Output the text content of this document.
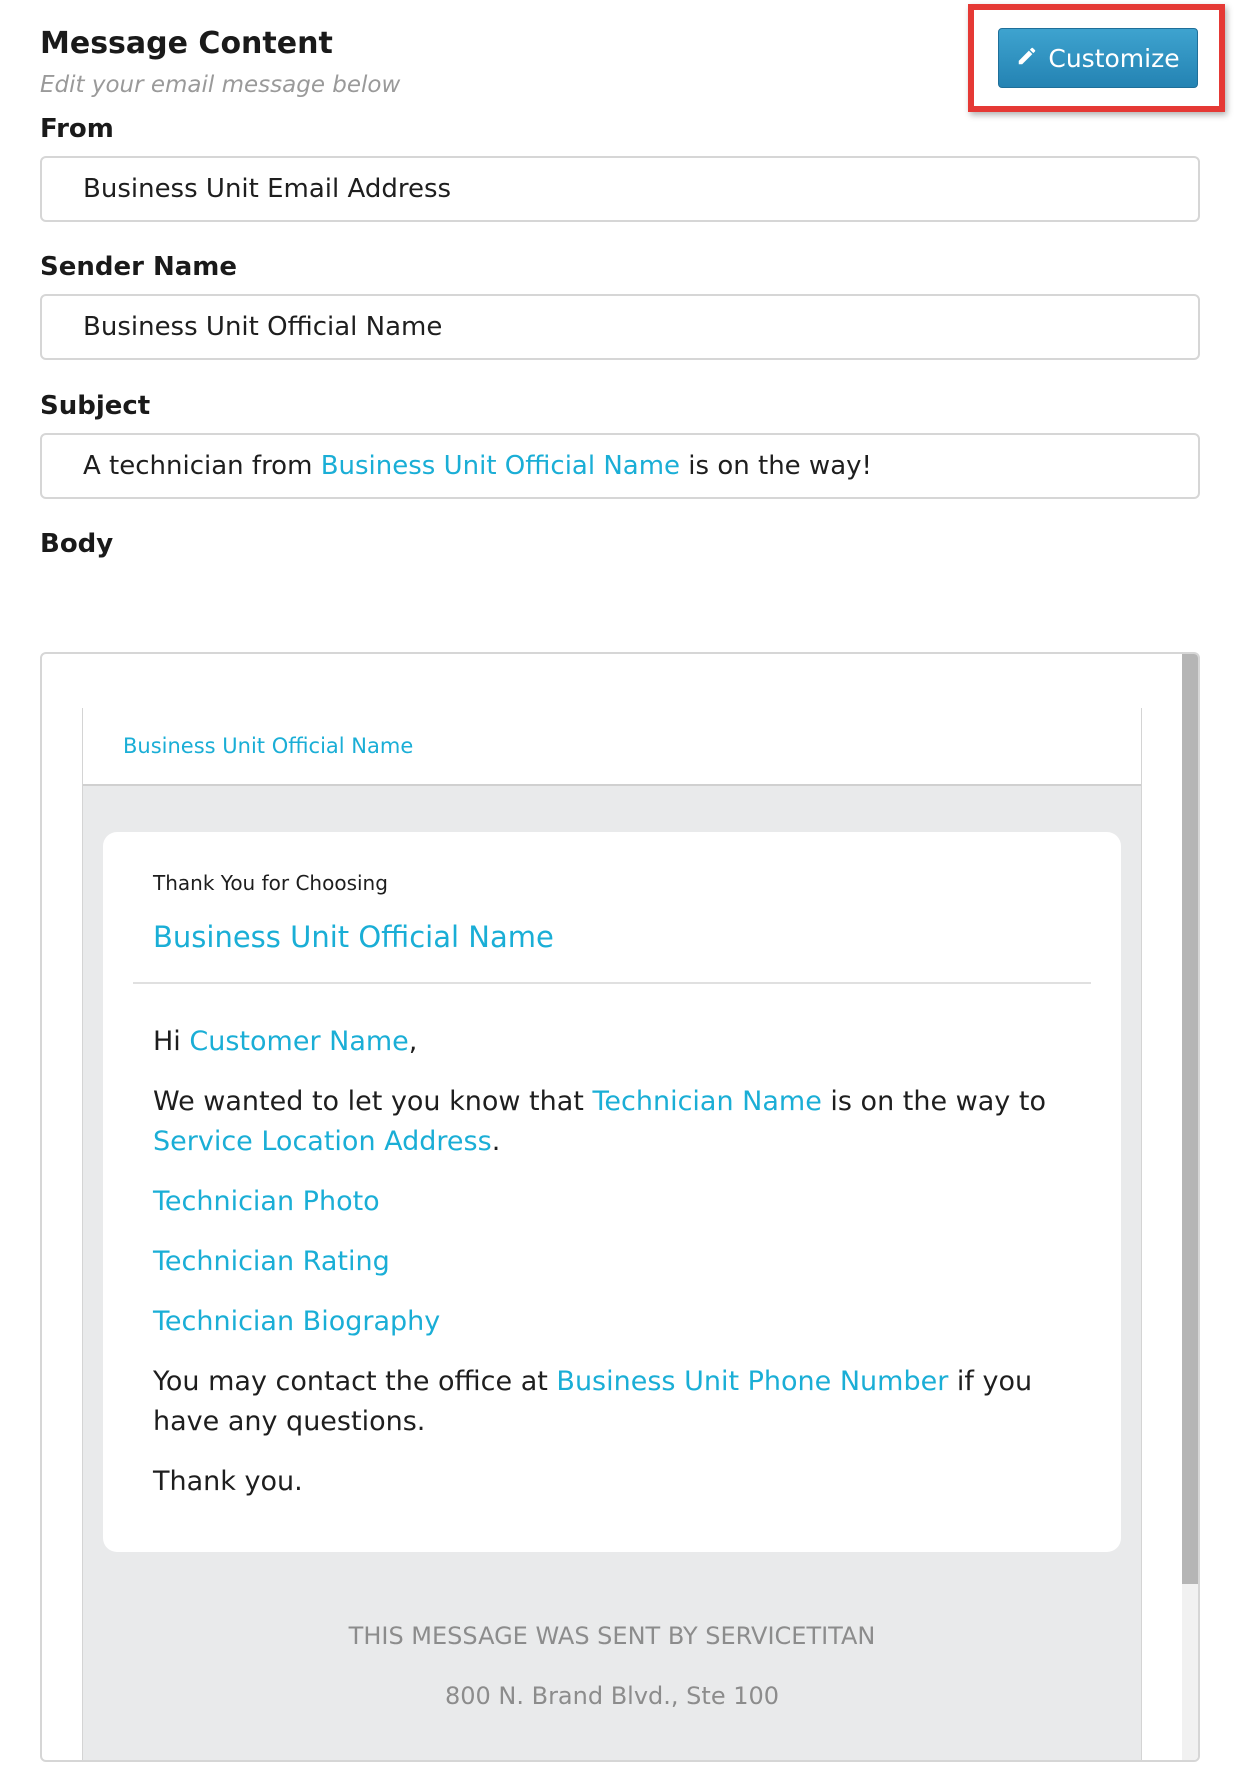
Message Content
Edit your email message below
Customize
From
Business Unit Email Address
Sender Name
Business Unit Official Name
Subject
A technician from Business Unit Official Name is on the way!
Body
Business Unit Official Name
Thank You for Choosing
Business Unit Official Name

Hi Customer Name,

We wanted to let you know that Technician Name is on the way to Service Location Address.

Technician Photo

Technician Rating

Technician Biography

You may contact the office at Business Unit Phone Number if you have any questions.

Thank you.

THIS MESSAGE WAS SENT BY SERVICETITAN
800 N. Brand Blvd., Ste 100
